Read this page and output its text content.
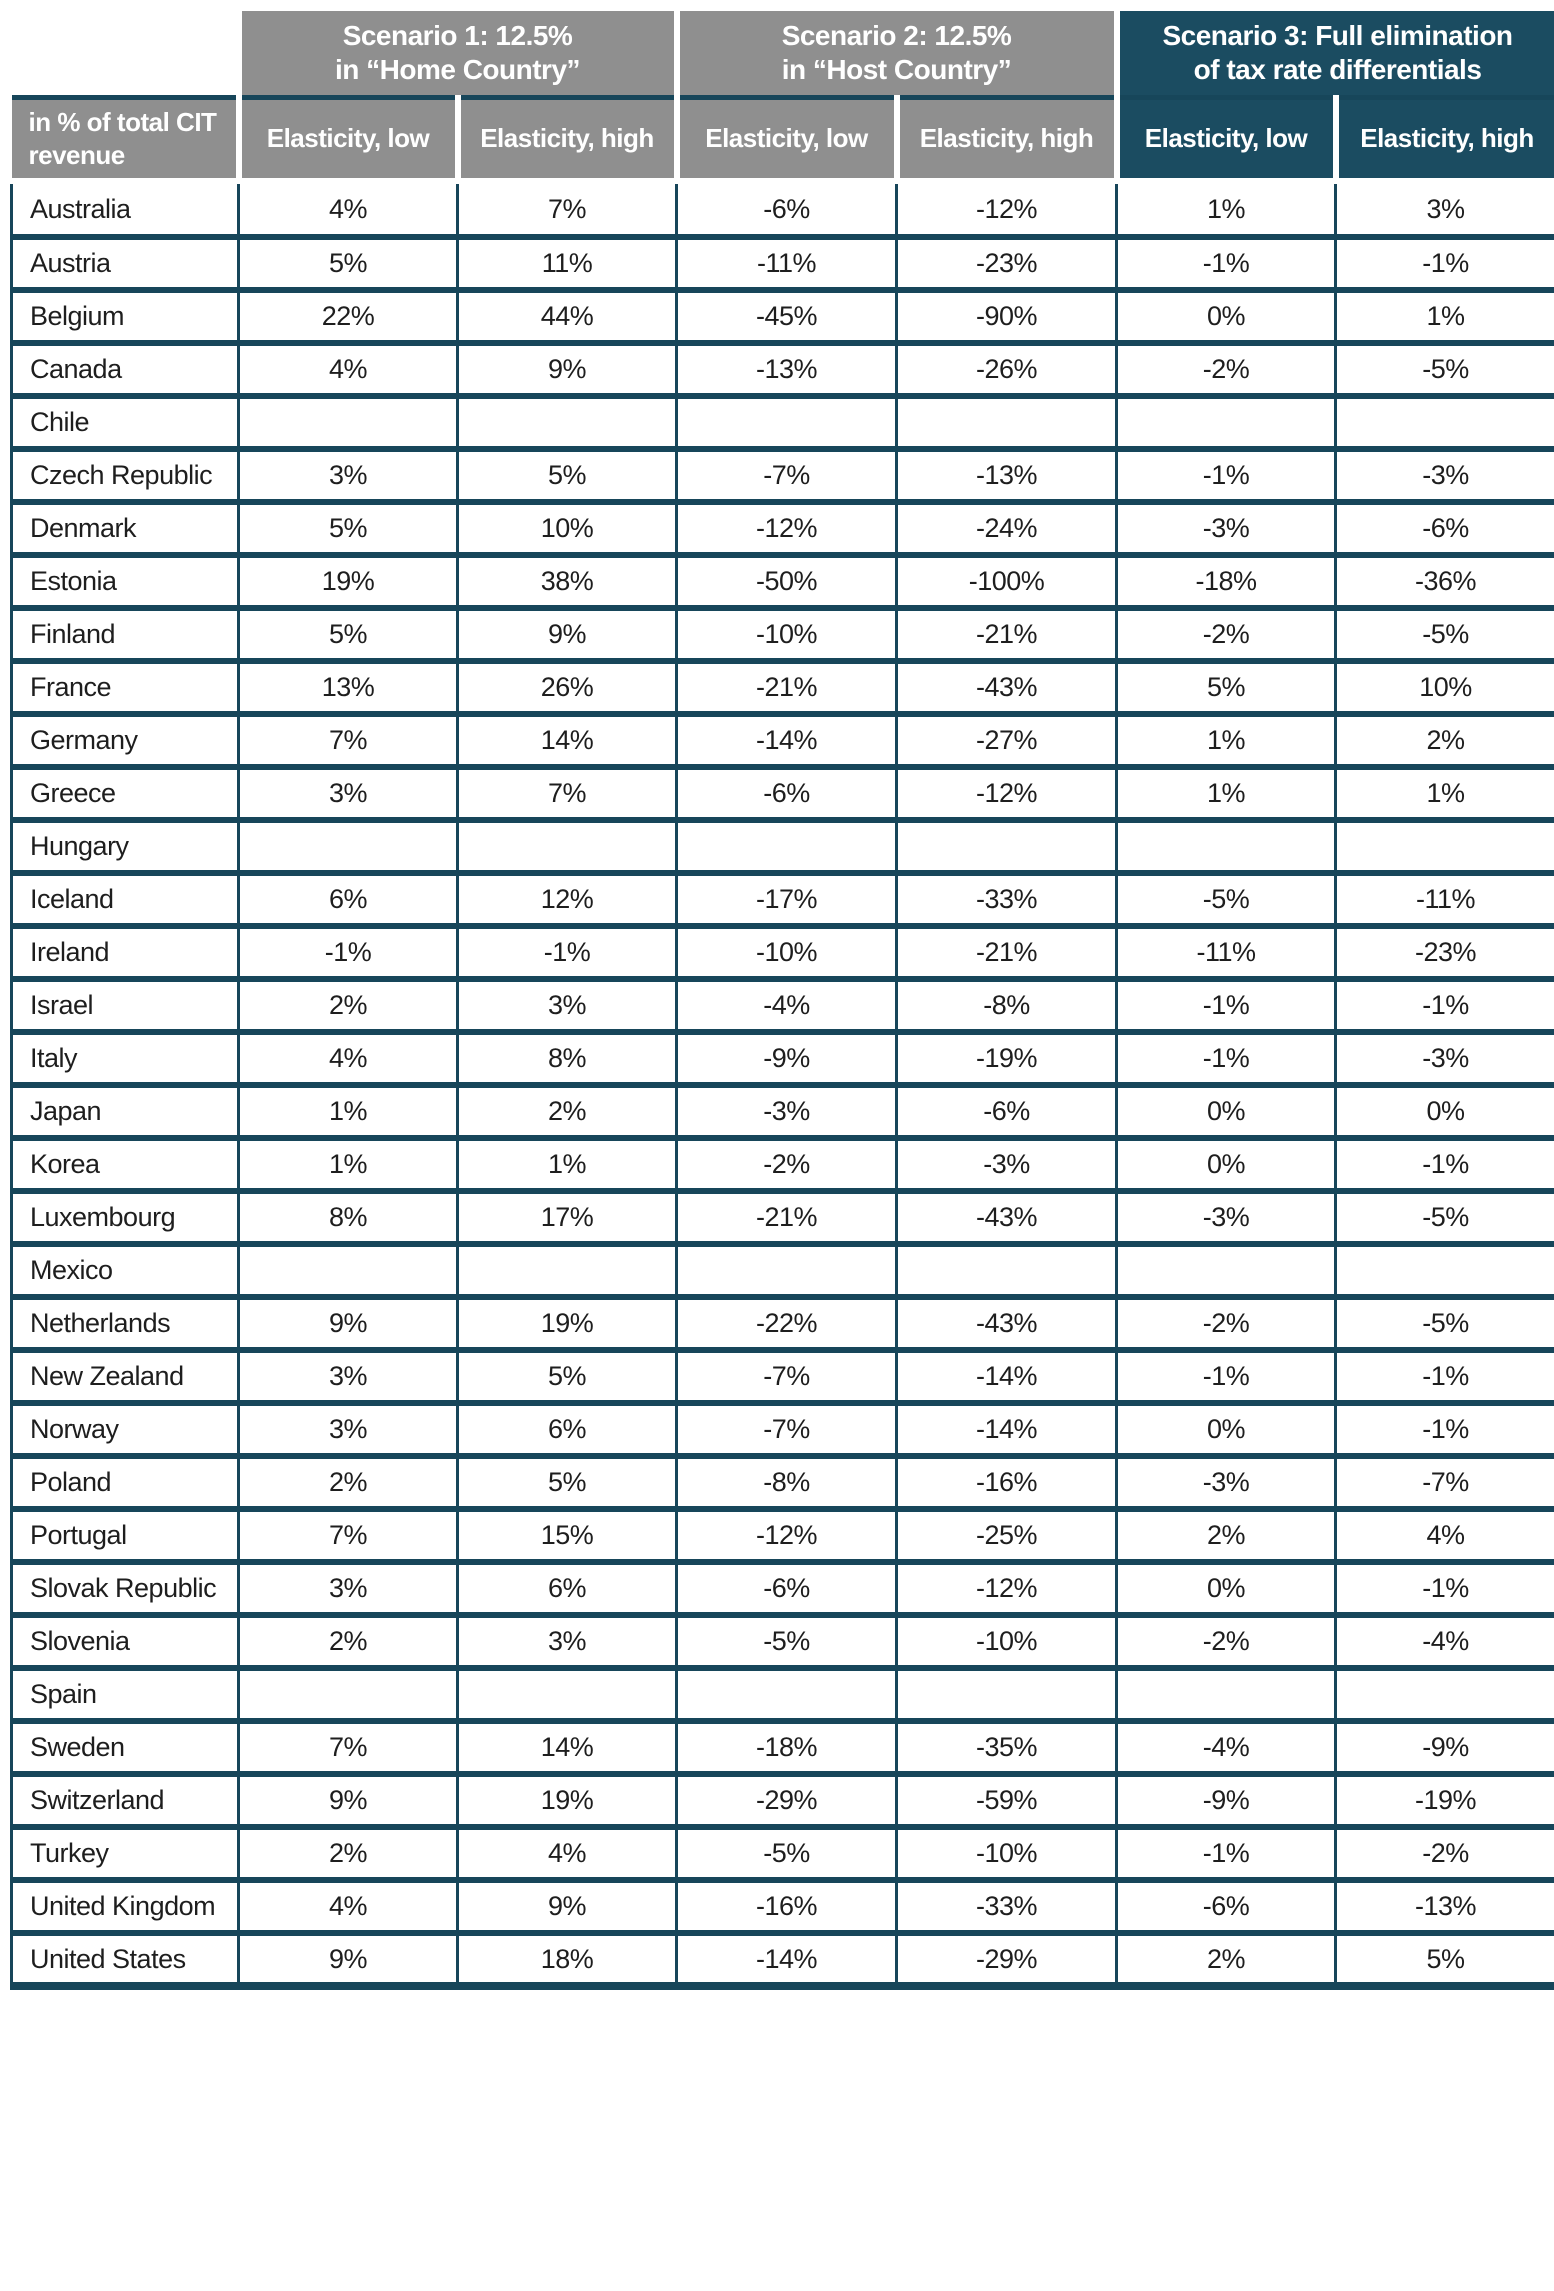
	Scenario 1: 12.5% in “Home Country”		Scenario 2: 12.5% in “Host Country”		Scenario 3: Full elimination of tax rate differentials	
in % of total CIT revenue	Elasticity, low	Elasticity, high	Elasticity, low	Elasticity, high	Elasticity, low	Elasticity, high

Australia	4%	7%	-6%	-12%	1%	3%
Austria	5%	11%	-11%	-23%	-1%	-1%
Belgium	22%	44%	-45%	-90%	0%	1%
Canada	4%	9%	-13%	-26%	-2%	-5%
Chile						
Czech Republic	3%	5%	-7%	-13%	-1%	-3%
Denmark	5%	10%	-12%	-24%	-3%	-6%
Estonia	19%	38%	-50%	-100%	-18%	-36%
Finland	5%	9%	-10%	-21%	-2%	-5%
France	13%	26%	-21%	-43%	5%	10%
Germany	7%	14%	-14%	-27%	1%	2%
Greece	3%	7%	-6%	-12%	1%	1%
Hungary						
Iceland	6%	12%	-17%	-33%	-5%	-11%
Ireland	-1%	-1%	-10%	-21%	-11%	-23%
Israel	2%	3%	-4%	-8%	-1%	-1%
Italy	4%	8%	-9%	-19%	-1%	-3%
Japan	1%	2%	-3%	-6%	0%	0%
Korea	1%	1%	-2%	-3%	0%	-1%
Luxembourg	8%	17%	-21%	-43%	-3%	-5%
Mexico						
Netherlands	9%	19%	-22%	-43%	-2%	-5%
New Zealand	3%	5%	-7%	-14%	-1%	-1%
Norway	3%	6%	-7%	-14%	0%	-1%
Poland	2%	5%	-8%	-16%	-3%	-7%
Portugal	7%	15%	-12%	-25%	2%	4%
Slovak Republic	3%	6%	-6%	-12%	0%	-1%
Slovenia	2%	3%	-5%	-10%	-2%	-4%
Spain						
Sweden	7%	14%	-18%	-35%	-4%	-9%
Switzerland	9%	19%	-29%	-59%	-9%	-19%
Turkey	2%	4%	-5%	-10%	-1%	-2%
United Kingdom	4%	9%	-16%	-33%	-6%	-13%
United States	9%	18%	-14%	-29%	2%	5%
